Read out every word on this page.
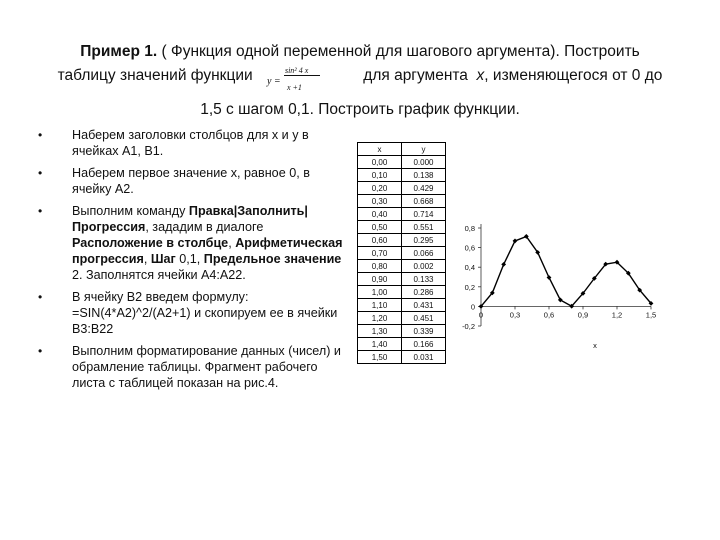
Пример 1. ( Функция одной переменной для шагового аргумента). Построить
таблицу значений функции y =
sin² 4 x
x +1
для аргумента x, изменяющегося от 0 до
1,5 с шагом 0,1. Построить график функции.
• Наберем заголовки столбцов для x и y в ячейках А1, В1.
• Наберем первое значение x, равное 0, в ячейку А2.
• Выполним команду Правка|Заполнить|Прогрессия, зададим в диалоге Расположение в столбце, Арифметическая прогрессия, Шаг 0,1, Предельное значение 2. Заполнятся ячейки А4:А22.
• В ячейку В2 введем формулу: =SIN(4*A2)^2/(A2+1) и скопируем ее в ячейки В3:В22
• Выполним форматирование данных (чисел) и обрамление таблицы. Фрагмент рабочего листа с таблицей показан на рис.4.
x	y
0,00	0.000
0,10	0.138
0,20	0.429
0,30	0.668
0,40	0.714
0,50	0.551
0,60	0.295
0,70	0.066
0,80	0.002
0,90	0.133
1,00	0.286
1,10	0.431
1,20	0.451
1,30	0.339
1,40	0.166
1,50	0.031
-0,2
0
0,2
0,4
0,6
0,8
0	0,3	0,6	0,9	1,2	1,5
x
